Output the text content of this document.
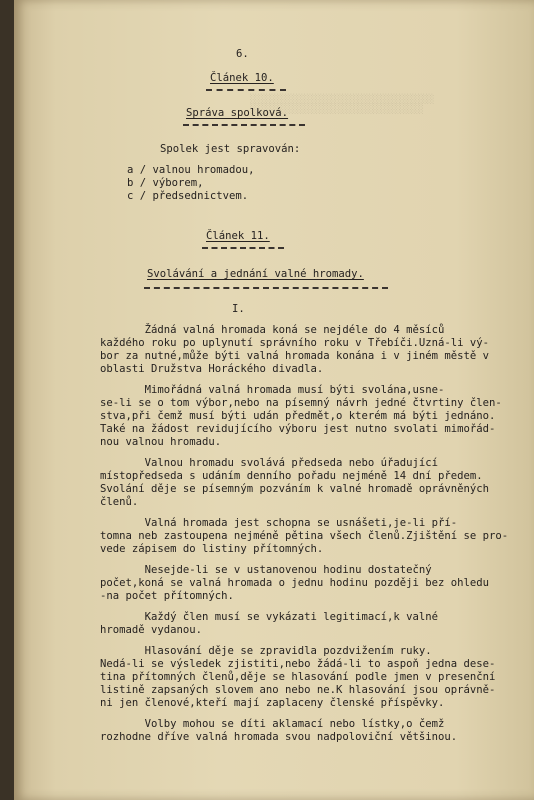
░░░░░░░░░░░░░░░░░░░░░░░░░░░░░░░░░░
░░░░░░░░░░░░░░░░░░░░░░░░░░░░░░░░
6.
Článek 10.
Správa spolková.
Spolek jest spravován:
a / valnou hromadou,
b / výborem,
c / předsednictvem.
Článek 11.
Svolávání a jednání valné hromady.
I.
Žádná valná hromada koná se nejdéle do 4 měsíců
každého roku po uplynutí správního roku v Třebíči.Uzná-li vý-
bor za nutné,může býti valná hromada konána i v jiném městě v
oblasti Družstva Horáckého divadla.
Mimořádná valná hromada musí býti svolána,usne-
se-li se o tom výbor,nebo na písemný návrh jedné čtvrtiny člen-
stva,při čemž musí býti udán předmět,o kterém má býti jednáno.
Také na žádost revidujícího výboru jest nutno svolati mimořád-
nou valnou hromadu.
Valnou hromadu svolává předseda nebo úřadující
místopředseda s udáním denního pořadu nejméně 14 dní předem.
Svolání děje se písemným pozváním k valné hromadě oprávněných
členů.
Valná hromada jest schopna se usnášeti,je-li pří-
tomna neb zastoupena nejméně pětina všech členů.Zjištění se pro-
vede zápisem do listiny přítomných.
Nesejde-li se v ustanovenou hodinu dostatečný
počet,koná se valná hromada o jednu hodinu později bez ohledu
-na počet přítomných.
Každý člen musí se vykázati legitimací,k valné
hromadě vydanou.
Hlasování děje se zpravidla pozdvižením ruky.
Nedá-li se výsledek zjistiti,nebo žádá-li to aspoň jedna dese-
tina přítomných členů,děje se hlasování podle jmen v presenční
listině zapsaných slovem ano nebo ne.K hlasování jsou oprávně-
ni jen členové,kteří mají zaplaceny členské příspěvky.
Volby mohou se díti aklamací nebo lístky,o čemž
rozhodne dříve valná hromada svou nadpoloviční většinou.
